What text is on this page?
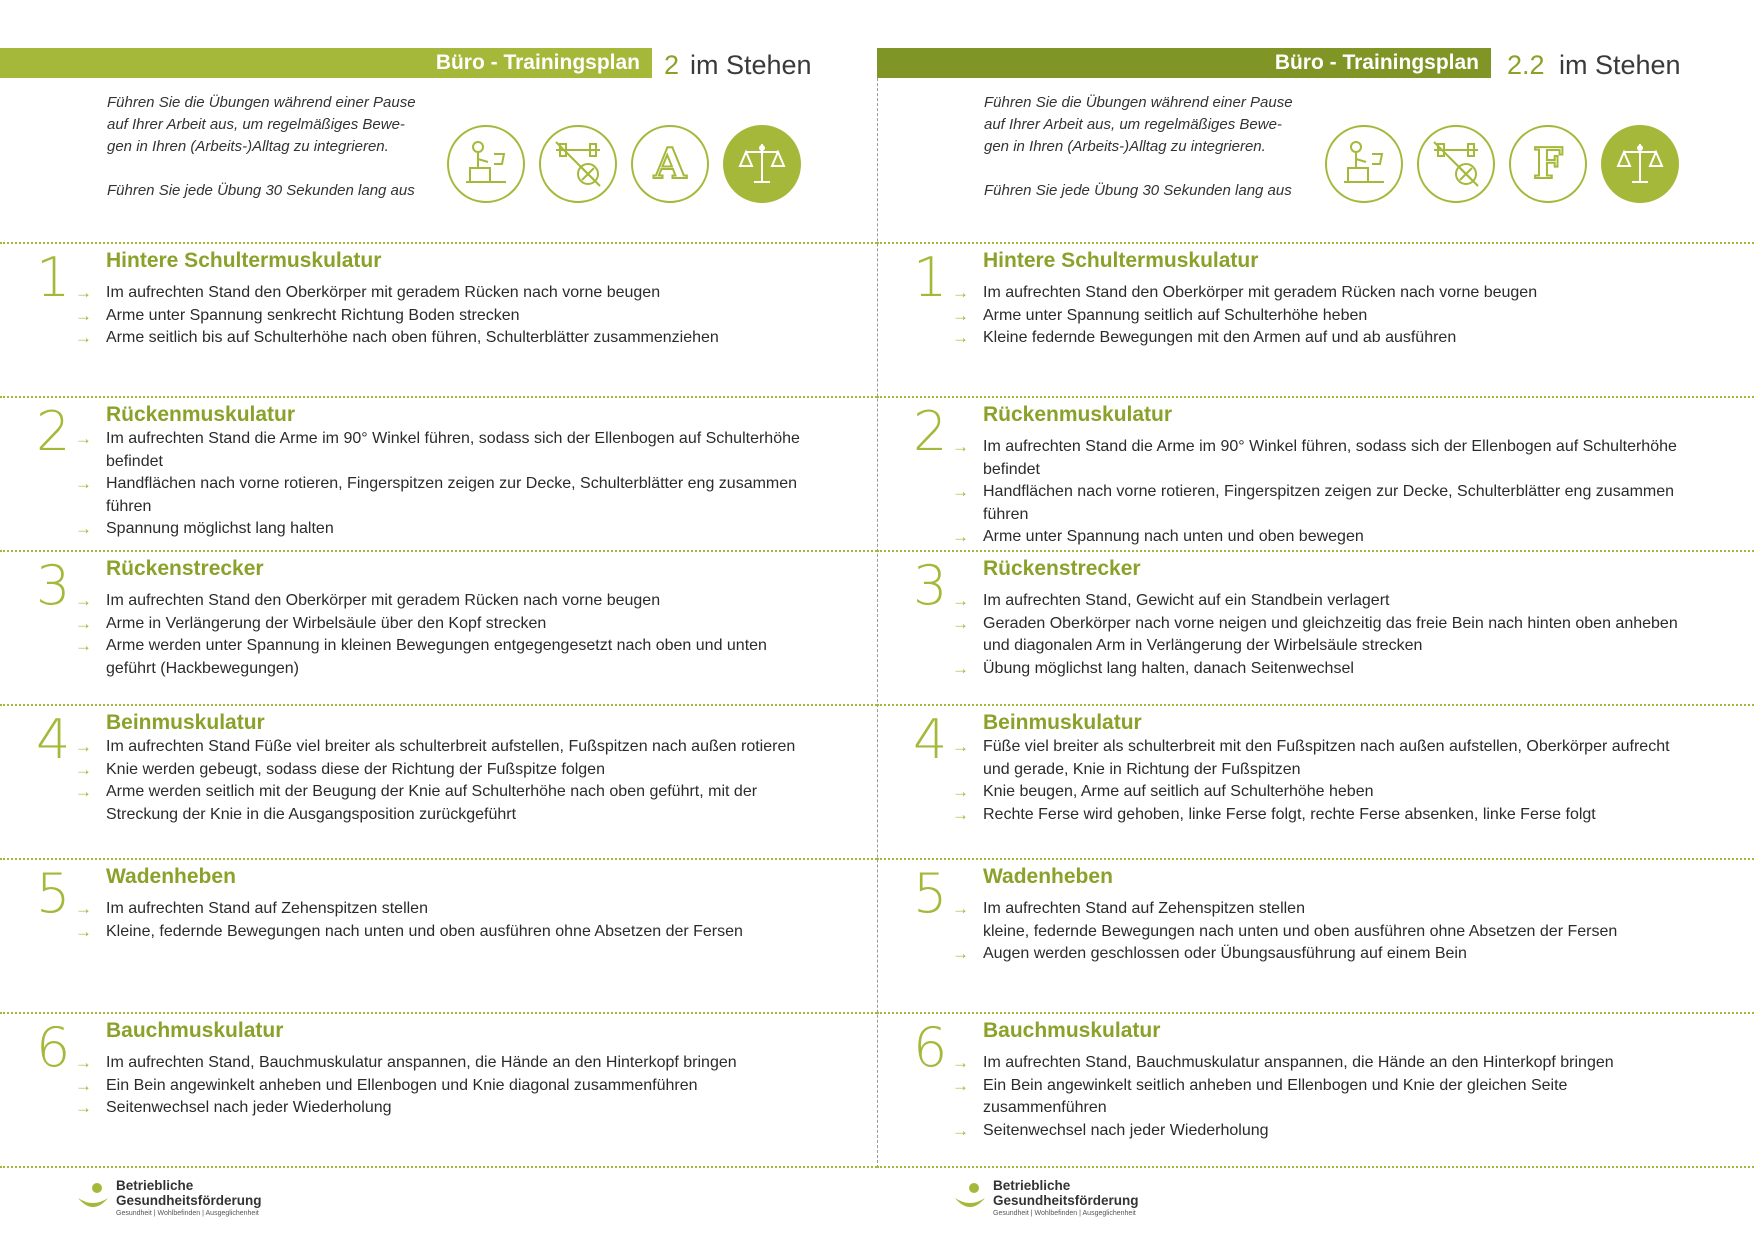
Büro - Trainingsplan 2 im Stehen

Führen Sie die Übungen während einer Pause

auf Ihrer Arbeit aus, um regelmäßiges Bewe-

gen in Ihren (Arbeits-)Alltag zu integrieren.

Führen Sie jede Übung 30 Sekunden lang aus

A
1 Hintere Schultermuskulatur
→ Im aufrechten Stand den Oberkörper mit geradem Rücken nach vorne beugen
→ Arme unter Spannung senkrecht Richtung Boden strecken
→ Arme seitlich bis auf Schulterhöhe nach oben führen, Schulterblätter zusammenziehen
2 Rückenmuskulatur
→ Im aufrechten Stand die Arme im 90° Winkel führen, sodass sich der Ellenbogen auf Schulterhöhe befindet
→ Handflächen nach vorne rotieren, Fingerspitzen zeigen zur Decke, Schulterblätter eng zusammen führen
→ Spannung möglichst lang halten
3 Rückenstrecker
→ Im aufrechten Stand den Oberkörper mit geradem Rücken nach vorne beugen
→ Arme in Verlängerung der Wirbelsäule über den Kopf strecken
→ Arme werden unter Spannung in kleinen Bewegungen entgegengesetzt nach oben und unten geführt (Hackbewegungen)
4 Beinmuskulatur
→ Im aufrechten Stand Füße viel breiter als schulterbreit aufstellen, Fußspitzen nach außen rotieren
→ Knie werden gebeugt, sodass diese der Richtung der Fußspitze folgen
→ Arme werden seitlich mit der Beugung der Knie auf Schulterhöhe nach oben geführt, mit der Streckung der Knie in die Ausgangsposition zurückgeführt
5 Wadenheben
→ Im aufrechten Stand auf Zehenspitzen stellen
→ Kleine, federnde Bewegungen nach unten und oben ausführen ohne Absetzen der Fersen
6 Bauchmuskulatur
→ Im aufrechten Stand, Bauchmuskulatur anspannen, die Hände an den Hinterkopf bringen
→ Ein Bein angewinkelt anheben und Ellenbogen und Knie diagonal zusammenführen
→ Seitenwechsel nach jeder Wiederholung
Betriebliche
Gesundheitsförderung
Gesundheit | Wohlbefinden | Ausgeglichenheit
Büro - Trainingsplan 2.2 im Stehen

Führen Sie die Übungen während einer Pause

auf Ihrer Arbeit aus, um regelmäßiges Bewe-

gen in Ihren (Arbeits-)Alltag zu integrieren.

Führen Sie jede Übung 30 Sekunden lang aus

F
1 Hintere Schultermuskulatur
→ Im aufrechten Stand den Oberkörper mit geradem Rücken nach vorne beugen
→ Arme unter Spannung seitlich auf Schulterhöhe heben
→ Kleine federnde Bewegungen mit den Armen auf und ab ausführen
2 Rückenmuskulatur
→ Im aufrechten Stand die Arme im 90° Winkel führen, sodass sich der Ellenbogen auf Schulterhöhe befindet
→ Handflächen nach vorne rotieren, Fingerspitzen zeigen zur Decke, Schulterblätter eng zusammen führen
→ Arme unter Spannung nach unten und oben bewegen
3 Rückenstrecker
→ Im aufrechten Stand, Gewicht auf ein Standbein verlagert
→ Geraden Oberkörper nach vorne neigen und gleichzeitig das freie Bein nach hinten oben anheben und diagonalen Arm in Verlängerung der Wirbelsäule strecken
→ Übung möglichst lang halten, danach Seitenwechsel
4 Beinmuskulatur
→ Füße viel breiter als schulterbreit mit den Fußspitzen nach außen aufstellen, Oberkörper aufrecht und gerade, Knie in Richtung der Fußspitzen
→ Knie beugen, Arme auf seitlich auf Schulterhöhe heben
→ Rechte Ferse wird gehoben, linke Ferse folgt, rechte Ferse absenken, linke Ferse folgt
5 Wadenheben
→ Im aufrechten Stand auf Zehenspitzen stellen
kleine, federnde Bewegungen nach unten und oben ausführen ohne Absetzen der Fersen
→ Augen werden geschlossen oder Übungsausführung auf einem Bein
6 Bauchmuskulatur
→ Im aufrechten Stand, Bauchmuskulatur anspannen, die Hände an den Hinterkopf bringen
→ Ein Bein angewinkelt seitlich anheben und Ellenbogen und Knie der gleichen Seite zusammenführen
→ Seitenwechsel nach jeder Wiederholung
Betriebliche
Gesundheitsförderung
Gesundheit | Wohlbefinden | Ausgeglichenheit
